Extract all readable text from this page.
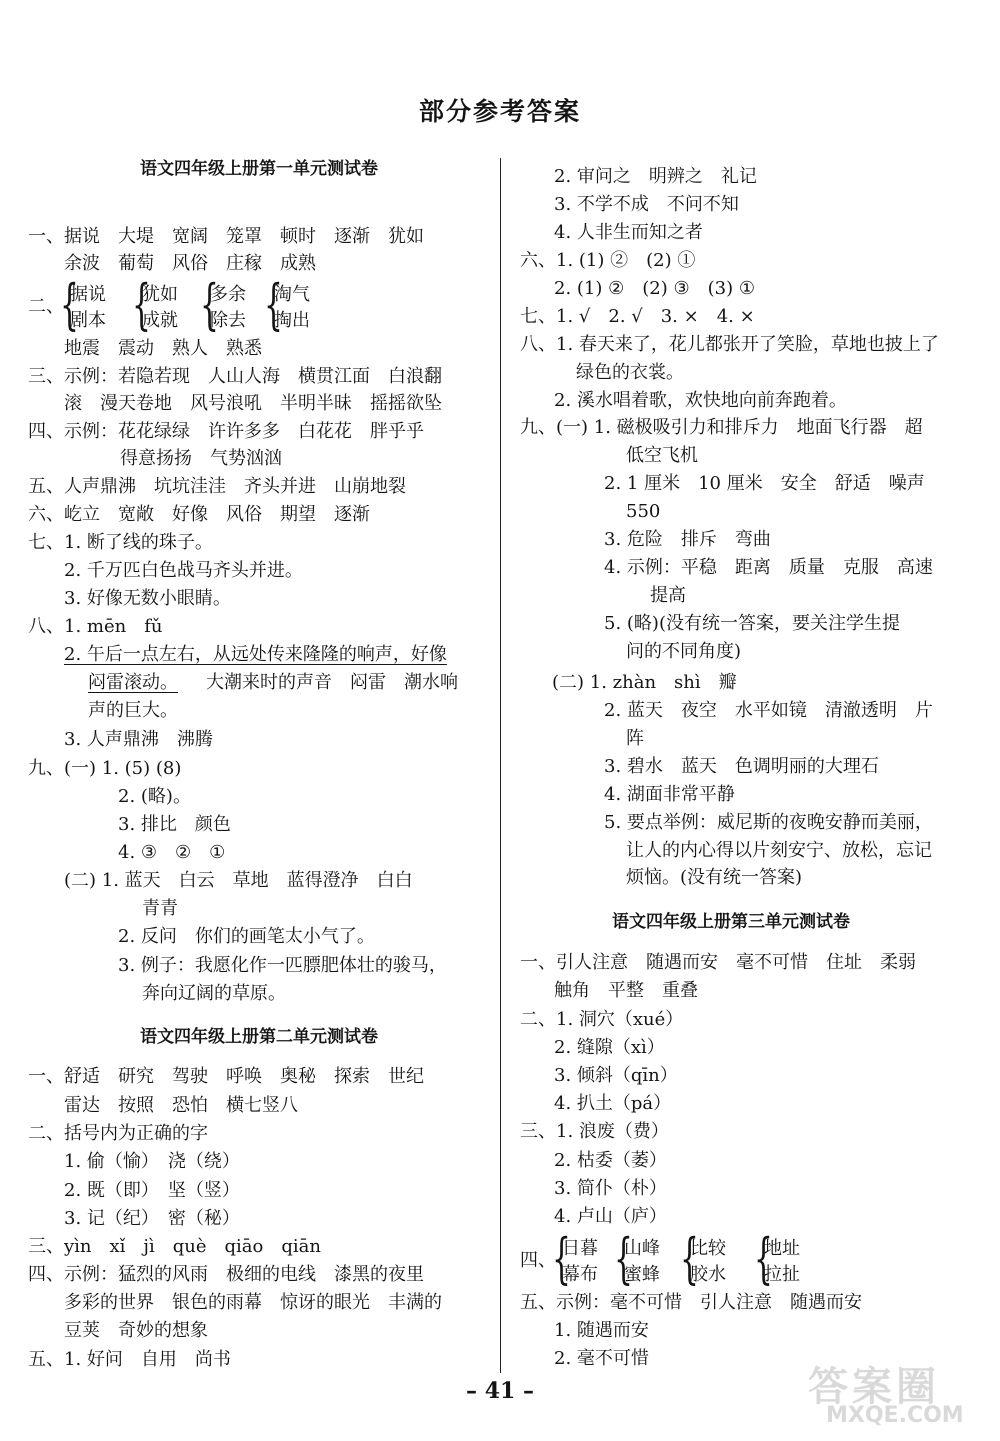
部分参考答案
语文四年级上册第一单元测试卷
一、据说　大堤　宽阔　笼罩　顿时　逐渐　犹如
余波　葡萄　风俗　庄稼　成熟
二、
{
据说
剧本 {
犹如
成就 {
多余
除去 {
淘气
掏出
地震　震动　熟人　熟悉
三、示例：若隐若现　人山人海　横贯江面　白浪翻
滚　漫天卷地　风号浪吼　半明半昧　摇摇欲坠
四、示例：花花绿绿　许许多多　白花花　胖乎乎
得意扬扬　气势汹汹
五、人声鼎沸　坑坑洼洼　齐头并进　山崩地裂
六、屹立　宽敞　好像　风俗　期望　逐渐
七、1. 断了线的珠子。
2. 千万匹白色战马齐头并进。
3. 好像无数小眼睛。
八、1. mēn　fǔ
2. 午后一点左右，从远处传来隆隆的响声，好像
闷雷滚动。 大潮来时的声音　闷雷　潮水响
声的巨大。
3. 人声鼎沸　沸腾
九、(一) 1. (5) (8)
2. (略)。
3. 排比　颜色
4. ③　②　①
(二) 1. 蓝天　白云　草地　蓝得澄净　白白
青青
2. 反问　你们的画笔太小气了。
3. 例子：我愿化作一匹膘肥体壮的骏马，
奔向辽阔的草原。
语文四年级上册第二单元测试卷
一、舒适　研究　驾驶　呼唤　奥秘　探索　世纪
雷达　按照　恐怕　横七竖八
二、括号内为正确的字
1. 偷（愉）　浇（绕）
2. 既（即）　坚（竖）
3. 记（纪）　密（秘）
三、yìn　xǐ　jì　què　qiāo　qiān
四、示例：猛烈的风雨　极细的电线　漆黑的夜里
多彩的世界　银色的雨幕　惊讶的眼光　丰满的
豆荚　奇妙的想象
五、1. 好问　自用　尚书
2. 审问之　明辨之　礼记
3. 不学不成　不问不知
4. 人非生而知之者
六、1. (1) ②　(2) ①
2. (1) ②　(2) ③　(3) ①
七、1. √　2. √　3. ×　4. ×
八、1. 春天来了，花儿都张开了笑脸，草地也披上了
绿色的衣裳。
2. 溪水唱着歌，欢快地向前奔跑着。
九、(一) 1. 磁极吸引力和排斥力　地面飞行器　超
低空飞机
2. 1 厘米　10 厘米　安全　舒适　噪声
550
3. 危险　排斥　弯曲
4. 示例：平稳　距离　质量　克服　高速
提高
5. (略)(没有统一答案，要关注学生提
问的不同角度)
(二) 1. zhàn　shì　瓣
2. 蓝天　夜空　水平如镜　清澈透明　片
阵
3. 碧水　蓝天　色调明丽的大理石
4. 湖面非常平静
5. 要点举例：威尼斯的夜晚安静而美丽，
让人的内心得以片刻安宁、放松，忘记
烦恼。(没有统一答案)
语文四年级上册第三单元测试卷
一、引人注意　随遇而安　毫不可惜　住址　柔弱
触角　平整　重叠
二、1. 洞穴（xué）
2. 缝隙（xì）
3. 倾斜（qīn）
4. 扒土（pá）
三、1. 浪废（费）
2. 枯委（萎）
3. 简仆（朴）
4. 卢山（庐）
四、
{
日暮
幕布 {
山峰
蜜蜂 {
比较
胶水 {
地址
拉扯
五、示例：毫不可惜　引人注意　随遇而安
1. 随遇而安
2. 毫不可惜
– 41 –	答案圈
MXQE.COM
